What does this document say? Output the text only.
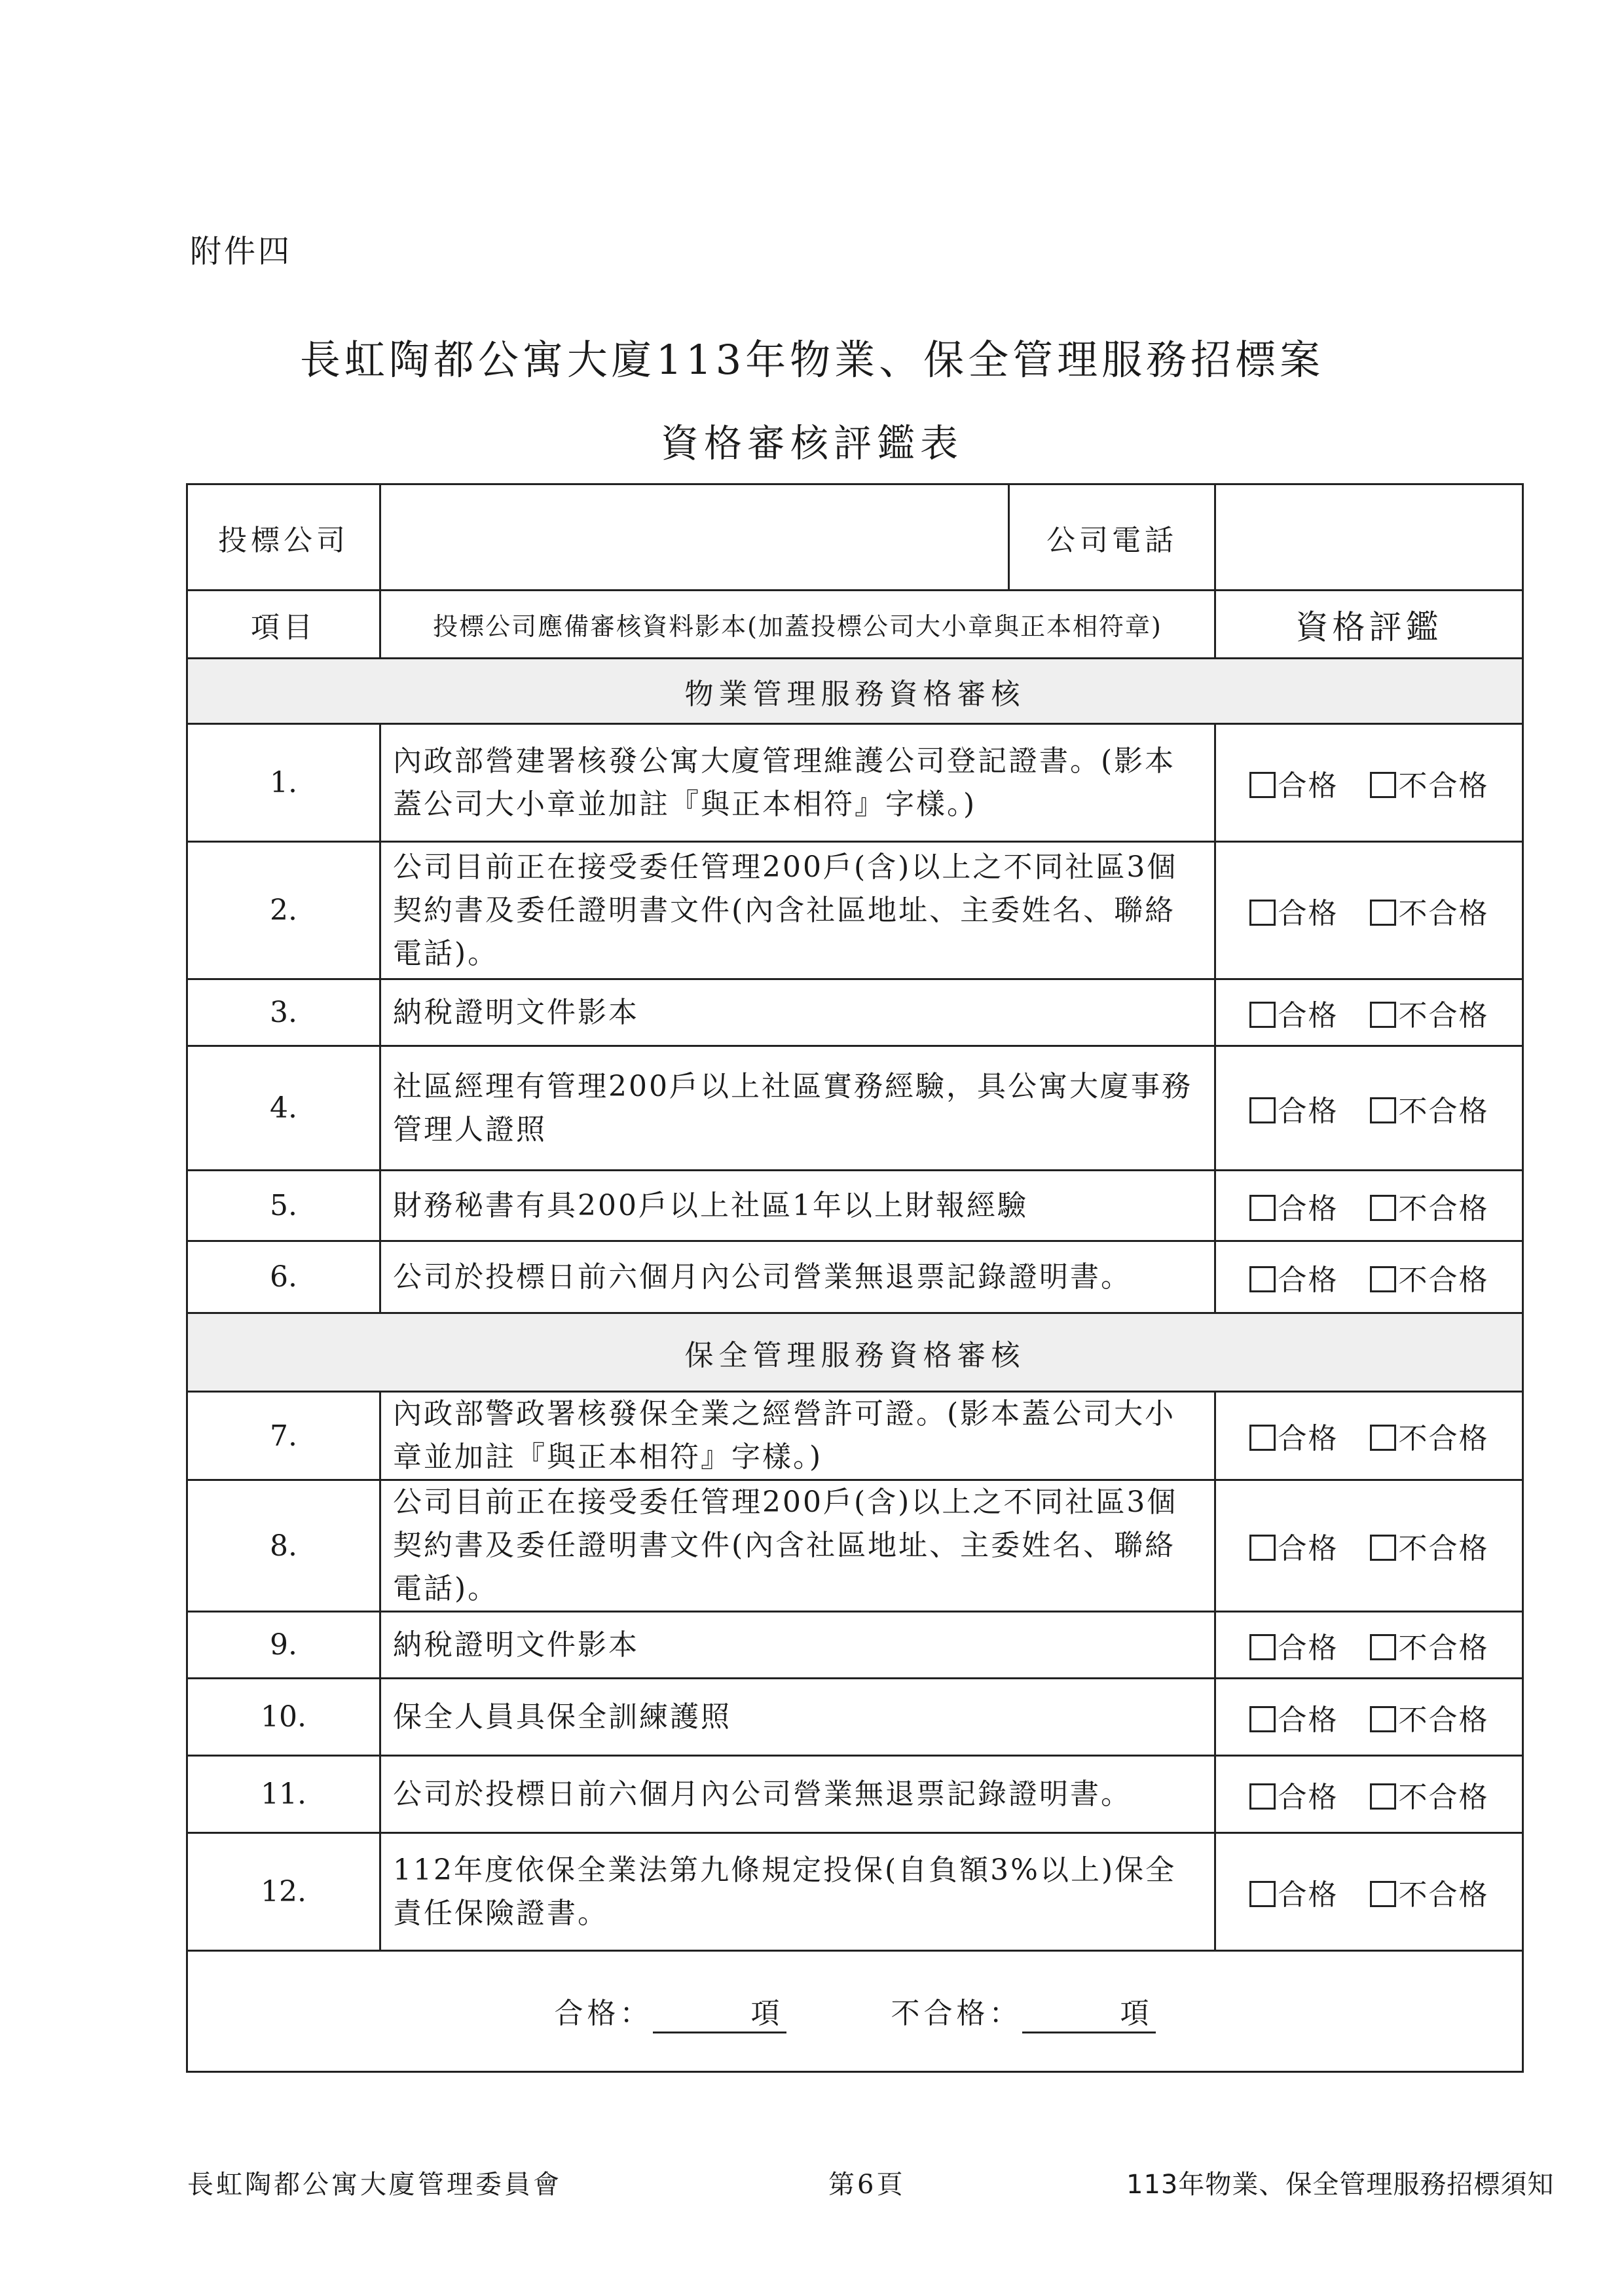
附件四
長虹陶都公寓大廈113年物業、保全管理服務招標案
資格審核評鑑表
投標公司		公司電話	
項目	投標公司應備審核資料影本(加蓋投標公司大小章與正本相符章)		資格評鑑
物業管理服務資格審核			
1.	內政部營建署核發公寓大廈管理維護公司登記證書。(影本蓋公司大小章並加註『與正本相符』字樣。)		合格 不合格
2.	公司目前正在接受委任管理200戶(含)以上之不同社區3個契約書及委任證明書文件(內含社區地址、主委姓名、聯絡電話)。		合格 不合格
3.	納稅證明文件影本		合格 不合格
4.	社區經理有管理200戶以上社區實務經驗，具公寓大廈事務管理人證照		合格 不合格
5.	財務秘書有具200戶以上社區1年以上財報經驗		合格 不合格
6.	公司於投標日前六個月內公司營業無退票記錄證明書。		合格 不合格
保全管理服務資格審核			
7.	內政部警政署核發保全業之經營許可證。(影本蓋公司大小章並加註『與正本相符』字樣。)		合格 不合格
8.	公司目前正在接受委任管理200戶(含)以上之不同社區3個契約書及委任證明書文件(內含社區地址、主委姓名、聯絡電話)。		合格 不合格
9.	納稅證明文件影本		合格 不合格
10.	保全人員具保全訓練護照		合格 不合格
11.	公司於投標日前六個月內公司營業無退票記錄證明書。		合格 不合格
12.	112年度依保全業法第九條規定投保(自負額3%以上)保全責任保險證書。		合格 不合格
合格： 項 不合格： 項			
長虹陶都公寓大廈管理委員會	第6頁	113年物業、保全管理服務招標須知
